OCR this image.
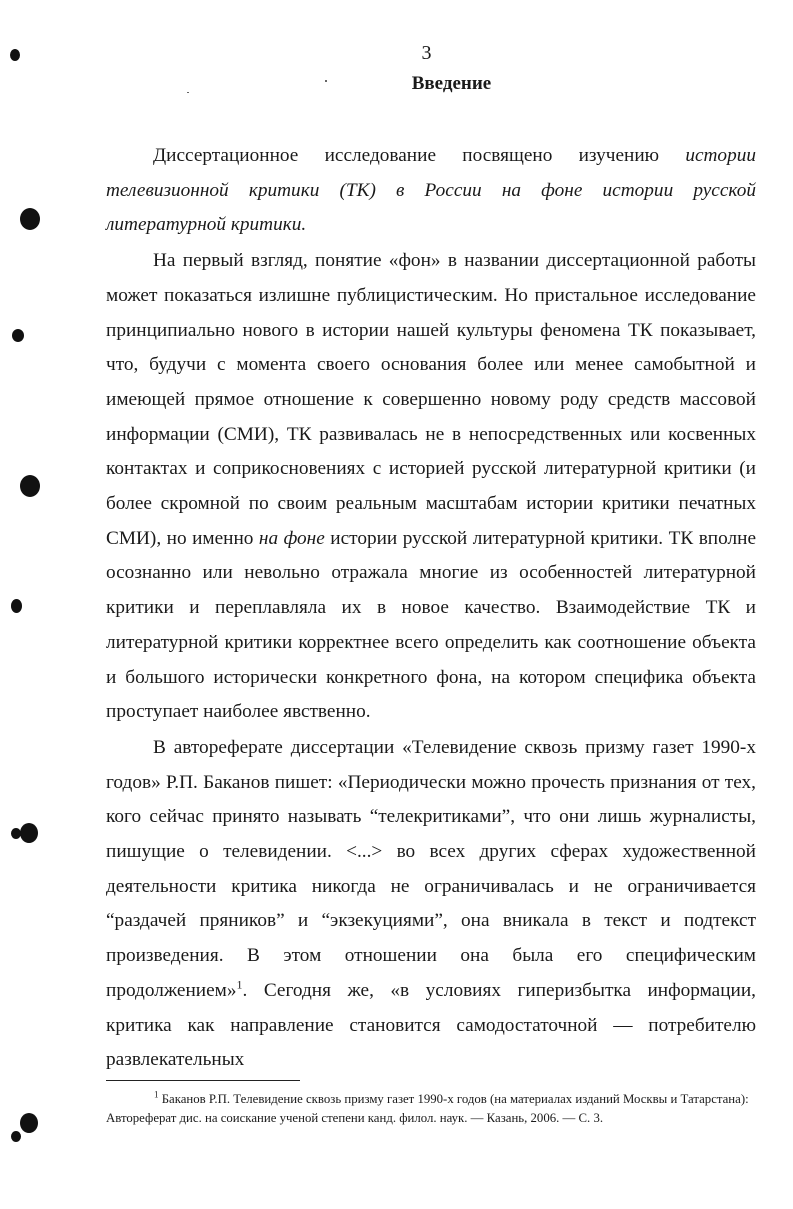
3
Введение

Диссертационное исследование посвящено изучению истории телевизионной критики (ТК) в России на фоне истории русской литературной критики.

На первый взгляд, понятие «фон» в названии диссертационной работы может показаться излишне публицистическим. Но пристальное исследование принципиально нового в истории нашей культуры феномена ТК показывает, что, будучи с момента своего основания более или менее самобытной и имеющей прямое отношение к совершенно новому роду средств массовой информации (СМИ), ТК развивалась не в непосредственных или косвенных контактах и соприкосновениях с историей русской литературной критики (и более скромной по своим реальным масштабам истории критики печатных СМИ), но именно на фоне истории русской литературной критики. ТК вполне осознанно или невольно отражала многие из особенностей литературной критики и переплавляла их в новое качество. Взаимодействие ТК и литературной критики корректнее всего определить как соотношение объекта и большого исторически конкретного фона, на котором специфика объекта проступает наиболее явственно.

В автореферате диссертации «Телевидение сквозь призму газет 1990-х годов» Р.П. Баканов пишет: «Периодически можно прочесть признания от тех, кого сейчас принято называть “телекритиками”, что они лишь журналисты, пишущие о телевидении. <...> во всех других сферах художественной деятельности критика никогда не ограничивалась и не ограничивается “раздачей пряников” и “экзекуциями”, она вникала в текст и подтекст произведения. В этом отношении она была его специфическим продолжением»$^1$. Сегодня же, «в условиях гиперизбытка информации, критика как направление становится самодостаточной — потребителю развлекательных

$^1$ Баканов Р.П. Телевидение сквозь призму газет 1990-х годов (на материалах изданий Москвы и Татарстана): Автореферат дис. на соискание ученой степени канд. филол. наук. — Казань, 2006. — С. 3.
